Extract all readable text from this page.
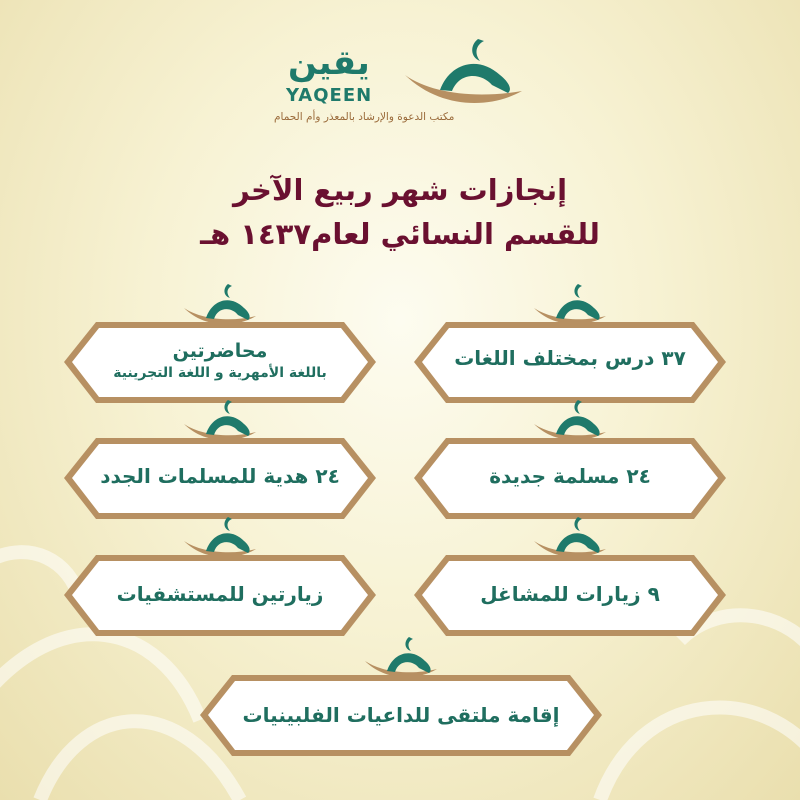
يقين
YAQEEN
مكتب الدعوة والإرشاد بالمعذر وأم الحمام
إنجازات شهر ربيع الآخر
للقسم النسائي لعام١٤٣٧ هـ
٣٧ درس بمختلف اللغات
محاضرتين
باللغة الأمهرية و اللغة التجرينية
٢٤ مسلمة جديدة
٢٤ هدية للمسلمات الجدد
٩ زيارات للمشاغل
زيارتين للمستشفيات
إقامة ملتقى للداعيات الفلبينيات
